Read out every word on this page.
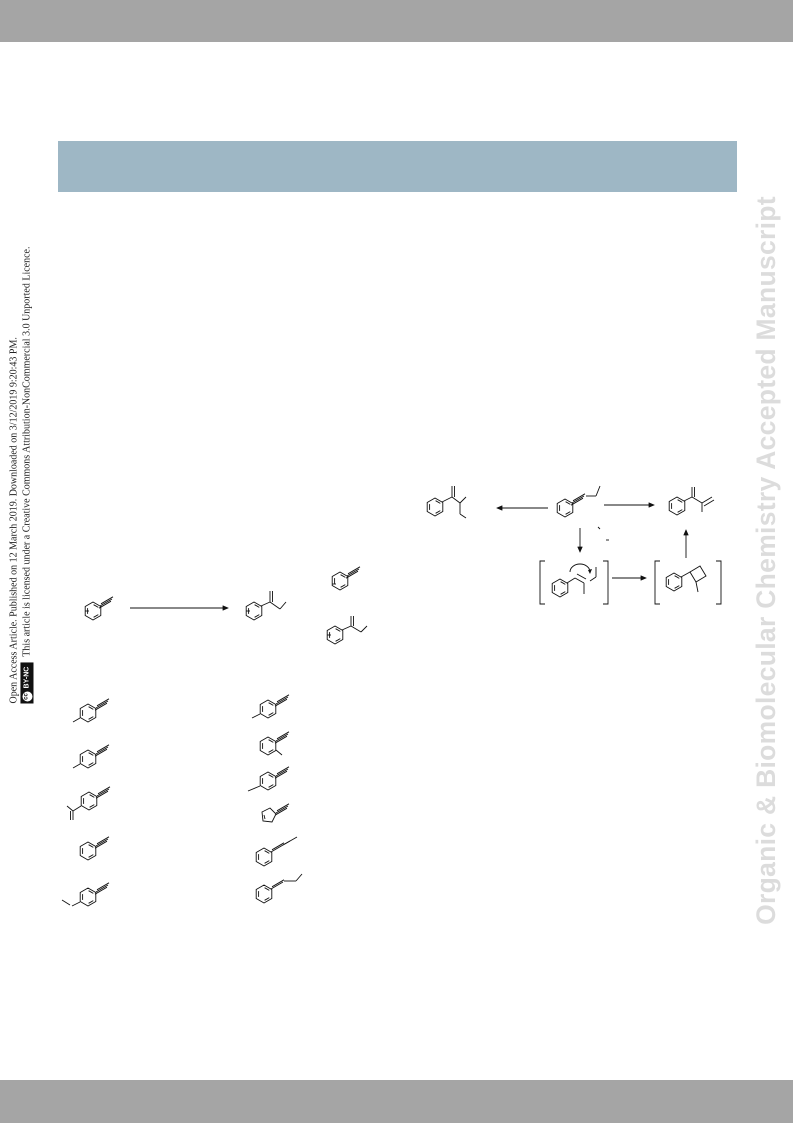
Organic & Biomolecular Chemistry Accepted Manuscript
Open Access Article. Published on 12 March 2019. Downloaded on 3/12/2019 9:20:43 PM. cc
BY-NC
This article is licensed under a Creative Commons Attribution-NonCommercial 3.0 Unported Licence.
